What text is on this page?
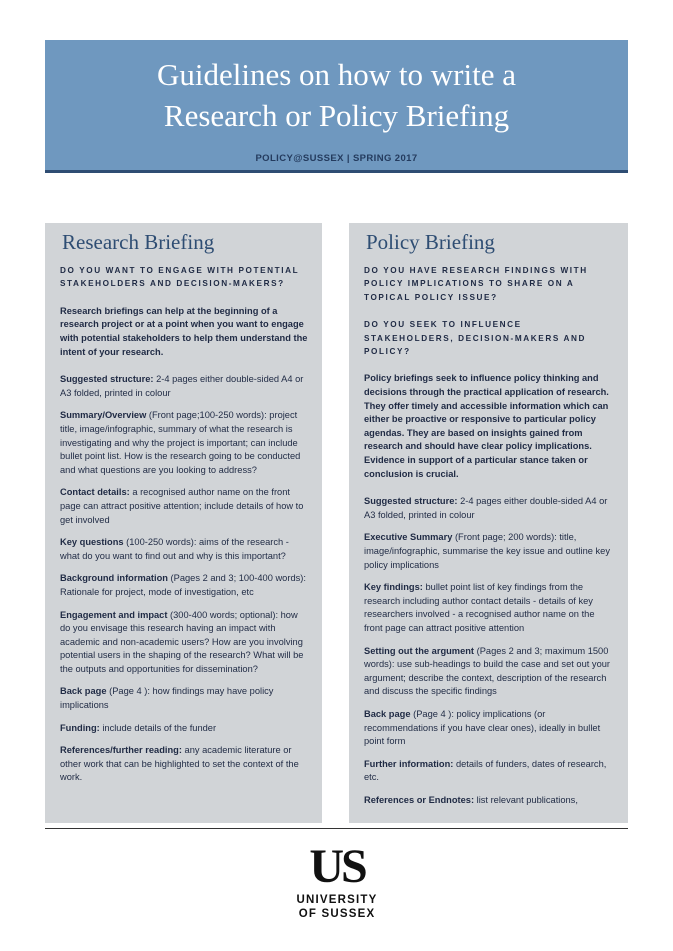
Guidelines on how to write a
Research or Policy Briefing
POLICY@SUSSEX | SPRING 2017
Research Briefing
DO YOU WANT TO ENGAGE WITH POTENTIAL STAKEHOLDERS AND DECISION-MAKERS?
Research briefings can help at the beginning of a research project or at a point when you want to engage with potential stakeholders to help them understand the intent of your research.
Suggested structure: 2-4 pages either double-sided A4 or A3 folded, printed in colour
Summary/Overview (Front page;100-250 words): project title, image/infographic, summary of what the research is investigating and why the project is important; can include bullet point list. How is the research going to be conducted and what questions are you looking to address?
Contact details: a recognised author name on the front page can attract positive attention; include details of how to get involved
Key questions (100-250 words): aims of the research - what do you want to find out and why is this important?
Background information (Pages 2 and 3; 100-400 words): Rationale for project, mode of investigation, etc
Engagement and impact (300-400 words; optional): how do you envisage this research having an impact with academic and non-academic users? How are you involving potential users in the shaping of the research? What will be the outputs and opportunities for dissemination?
Back page (Page 4 ): how findings may have policy implications
Funding: include details of the funder
References/further reading: any academic literature or other work that can be highlighted to set the context of the work.
Policy Briefing
DO YOU HAVE RESEARCH FINDINGS WITH POLICY IMPLICATIONS TO SHARE ON A TOPICAL POLICY ISSUE?
DO YOU SEEK TO INFLUENCE STAKEHOLDERS, DECISION-MAKERS AND POLICY?
Policy briefings seek to influence policy thinking and decisions through the practical application of research. They offer timely and accessible information which can either be proactive or responsive to particular policy agendas. They are based on insights gained from research and should have clear policy implications. Evidence in support of a particular stance taken or conclusion is crucial.
Suggested structure: 2-4 pages either double-sided A4 or A3 folded, printed in colour
Executive Summary (Front page; 200 words): title, image/infographic, summarise the key issue and outline key policy implications
Key findings: bullet point list of key findings from the research including author contact details - details of key researchers involved - a recognised author name on the front page can attract positive attention
Setting out the argument (Pages 2 and 3; maximum 1500 words): use sub-headings to build the case and set out your argument; describe the context, description of the research and discuss the specific findings
Back page (Page 4 ): policy implications (or recommendations if you have clear ones), ideally in bullet point form
Further information: details of funders, dates of research, etc.
References or Endnotes: list relevant publications,
US
UNIVERSITY
OF SUSSEX
